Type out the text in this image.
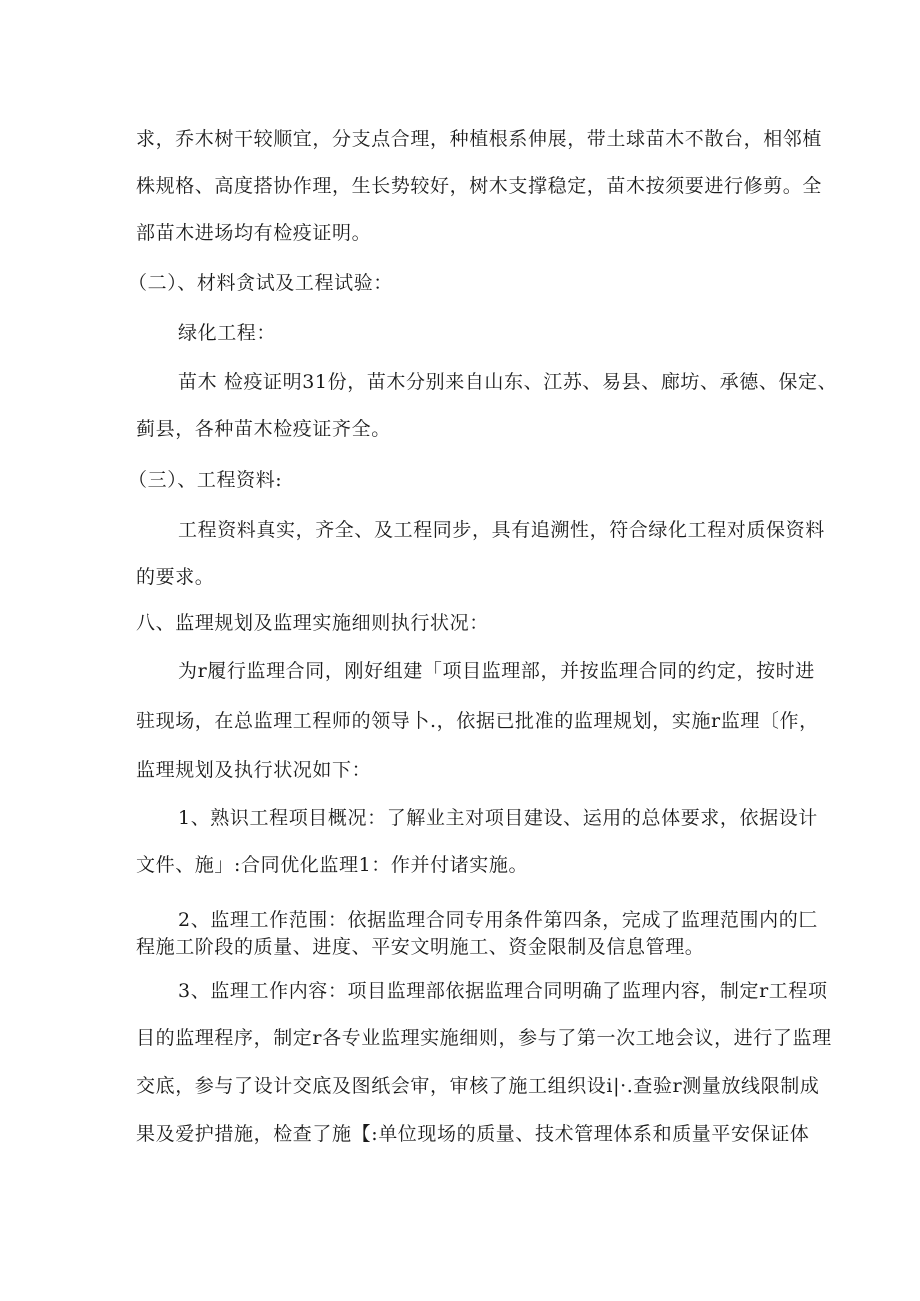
求，乔木树干较顺宜，分支点合理，种植根系伸展，带土球苗木不散台，相邻植
株规格、高度搭协作理，生长势较好，树木支撑稳定，苗木按须要进行修剪。全
部苗木进场均有检疫证明。
（二）、材料贪试及工程试验：
绿化工程：
苗木 检疫证明31份，苗木分别来自山东、江苏、易县、廊坊、承德、保定、
蓟县，各种苗木检疫证齐全。
（三）、工程资料:
工程资料真实，齐全、及工程同步，具有追溯性，符合绿化工程对质保资料
的要求。
八、监理规划及监理实施细则执行状况：
为r履行监理合同，刚好组建「项目监理部，并按监理合同的约定，按时进
驻现场，在总监理工程师的领导卜.，依据已批准的监理规划，实施r监理〔作，
监理规划及执行状况如下：
1、熟识工程项目概况：了解业主对项目建设、运用的总体要求，依据设计
文件、施」:合同优化监理1：作并付诸实施。
2、监理工作范围：依据监理合同专用条件第四条，完成了监理范围内的匚
程施工阶段的质量、进度、平安文明施工、资金限制及信息管理。
3、监理工作内容：项目监理部依据监理合同明确了监理内容，制定r工程项
目的监理程序，制定r各专业监理实施细则，参与了第一次工地会议，进行了监理
交底，参与了设计交底及图纸会审，审核了施工组织设i|·.查验r测量放线限制成
果及爱护措施，检查了施【:单位现场的质量、技术管理体系和质量平安保证体
